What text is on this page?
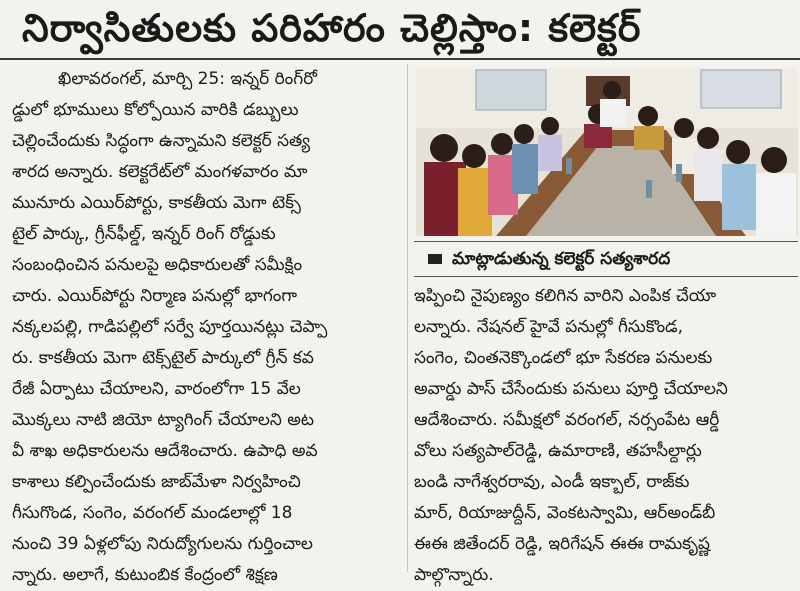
నిర్వాసితులకు పరిహారం చెల్లిస్తాం: కలెక్టర్
ఖిలావరంగల్, మార్చి 25: ఇన్నర్ రింగ్‌రో
డ్డులో భూములు కోల్పోయిన వారికి డబ్బులు
చెల్లించేందుకు సిద్ధంగా ఉన్నామని కలెక్టర్ సత్య
శారద అన్నారు. కలెక్టరేట్‌లో మంగళవారం మా
మునూరు ఎయిర్‌పోర్టు, కాకతీయ మెగా టెక్స్
టైల్ పార్కు, గ్రీన్‌ఫీల్డ్, ఇన్నర్ రింగ్ రోడ్డుకు
సంబంధించిన పనులపై అధికారులతో సమీక్షిం
చారు. ఎయిర్‌పోర్టు నిర్మాణ పనుల్లో భాగంగా
నక్కలపల్లి, గాడిపల్లిలో సర్వే పూర్తయినట్లు చెప్పా
రు. కాకతీయ మెగా టెక్స్‌టైల్ పార్కులో గ్రీన్ కవ
రేజీ ఏర్పాటు చేయాలని, వారంలోగా 15 వేల
మొక్కలు నాటి జియో ట్యాగింగ్ చేయాలని అట
వీ శాఖ అధికారులను ఆదేశించారు. ఉపాధి అవ
కాశాలు కల్పించేందుకు జాబ్‌మేళా నిర్వహించి
గీసుగొండ, సంగెం, వరంగల్ మండలాల్లో 18
నుంచి 39 ఏళ్లలోపు నిరుద్యోగులను గుర్తించాల
న్నారు. అలాగే, కుటుంబిక కేంద్రంలో శిక్షణ
మాట్లాడుతున్న కలెక్టర్ సత్యశారద
ఇప్పించి నైపుణ్యం కలిగిన వారిని ఎంపిక చేయా
లన్నారు. నేషనల్ హైవే పనుల్లో గీసుకొండ,
సంగెం, చింతనెక్కొండలో భూ సేకరణ పనులకు
అవార్డు పాస్ చేసేందుకు పనులు పూర్తి చేయాలని
ఆదేశించారు. సమీక్షలో వరంగల్, నర్సంపేట ఆర్డీ
వోలు సత్యపాల్‌రెడ్డి, ఉమారాణి, తహసీల్దార్లు
బండి నాగేశ్వరరావు, ఎండీ ఇక్బాల్, రాజ్‌కు
మార్, రియాజుద్దీన్, వెంకటస్వామి, ఆర్‌అండ్‌బీ
ఈఈ జితేందర్ రెడ్డి, ఇరిగేషన్ ఈఈ రామకృష్ణ
పాల్గొన్నారు.
